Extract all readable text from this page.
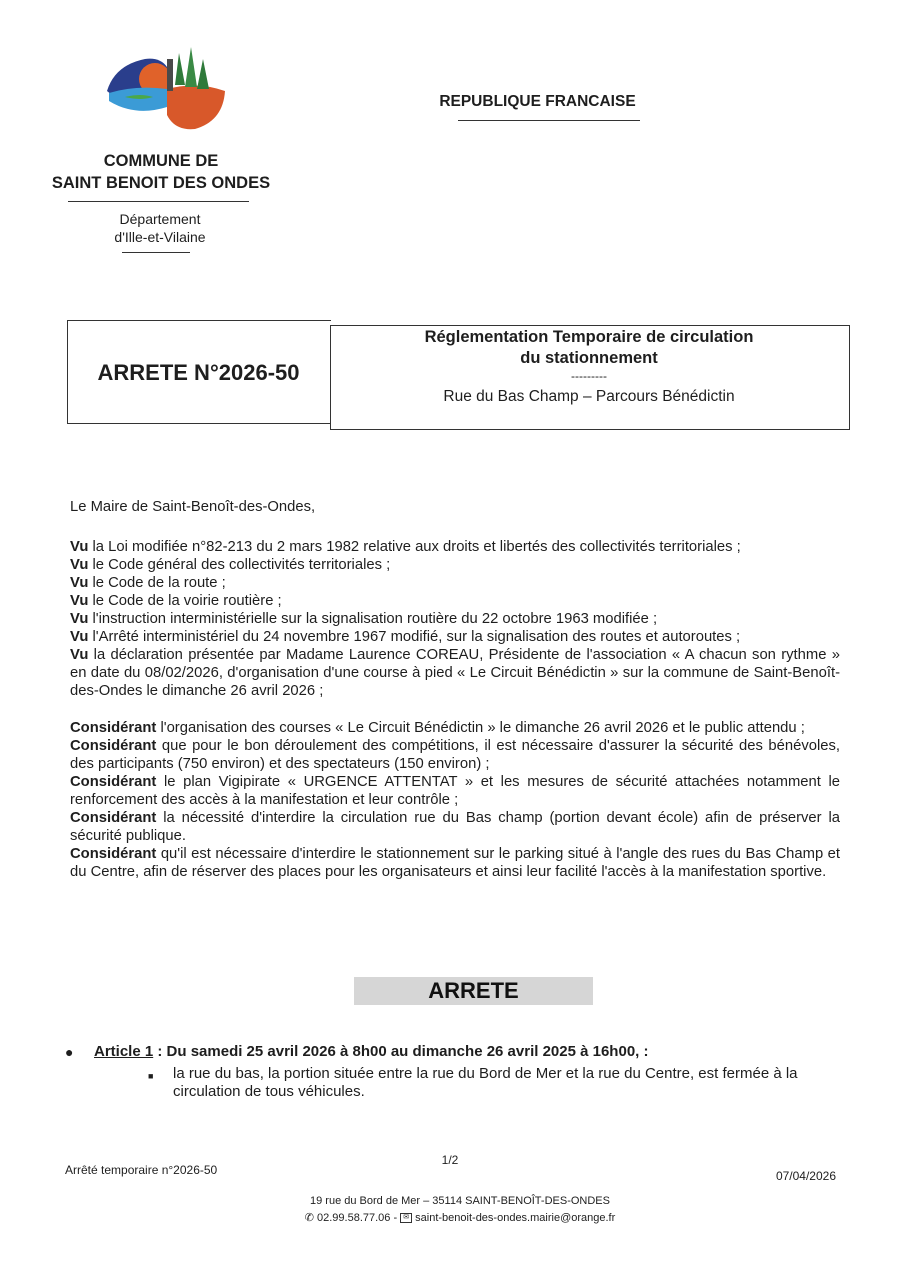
REPUBLIQUE FRANCAISE
COMMUNE DE
SAINT BENOIT DES ONDES
Département
d'Ille-et-Vilaine
ARRETE N°2026-50
Réglementation Temporaire de circulation
du stationnement
---------
Rue du Bas Champ – Parcours Bénédictin

Le Maire de Saint-Benoît-des-Ondes,

Vu la Loi modifiée n°82-213 du 2 mars 1982 relative aux droits et libertés des collectivités territoriales ;

Vu le Code général des collectivités territoriales ;

Vu le Code de la route ;

Vu le Code de la voirie routière ;

Vu l'instruction interministérielle sur la signalisation routière du 22 octobre 1963 modifiée ;

Vu l'Arrêté interministériel du 24 novembre 1967 modifié, sur la signalisation des routes et autoroutes ;

Vu la déclaration présentée par Madame Laurence COREAU, Présidente de l'association « A chacun son rythme » en date du 08/02/2026, d'organisation d'une course à pied « Le Circuit Bénédictin » sur la commune de Saint-Benoît-des-Ondes le dimanche 26 avril 2026 ;

Considérant l'organisation des courses « Le Circuit Bénédictin » le dimanche 26 avril 2026 et le public attendu ;

Considérant que pour le bon déroulement des compétitions, il est nécessaire d'assurer la sécurité des bénévoles, des participants (750 environ) et des spectateurs (150 environ) ;

Considérant le plan Vigipirate « URGENCE ATTENTAT » et les mesures de sécurité attachées notamment le renforcement des accès à la manifestation et leur contrôle ;

Considérant la nécessité d'interdire la circulation rue du Bas champ (portion devant école) afin de préserver la sécurité publique.

Considérant qu'il est nécessaire d'interdire le stationnement sur le parking situé à l'angle des rues du Bas Champ et du Centre, afin de réserver des places pour les organisateurs et ainsi leur facilité l'accès à la manifestation sportive.

ARRETE
● Article 1 : Du samedi 25 avril 2026 à 8h00 au dimanche 26 avril 2025 à 16h00, :
■ la rue du bas, la portion située entre la rue du Bord de Mer et la rue du Centre, est fermée à la circulation de tous véhicules.
1/2
Arrêté temporaire n°2026-50	07/04/2026
19 rue du Bord de Mer – 35114 SAINT-BENOÎT-DES-ONDES
✆ 02.99.58.77.06 - ✉ saint-benoit-des-ondes.mairie@orange.fr
